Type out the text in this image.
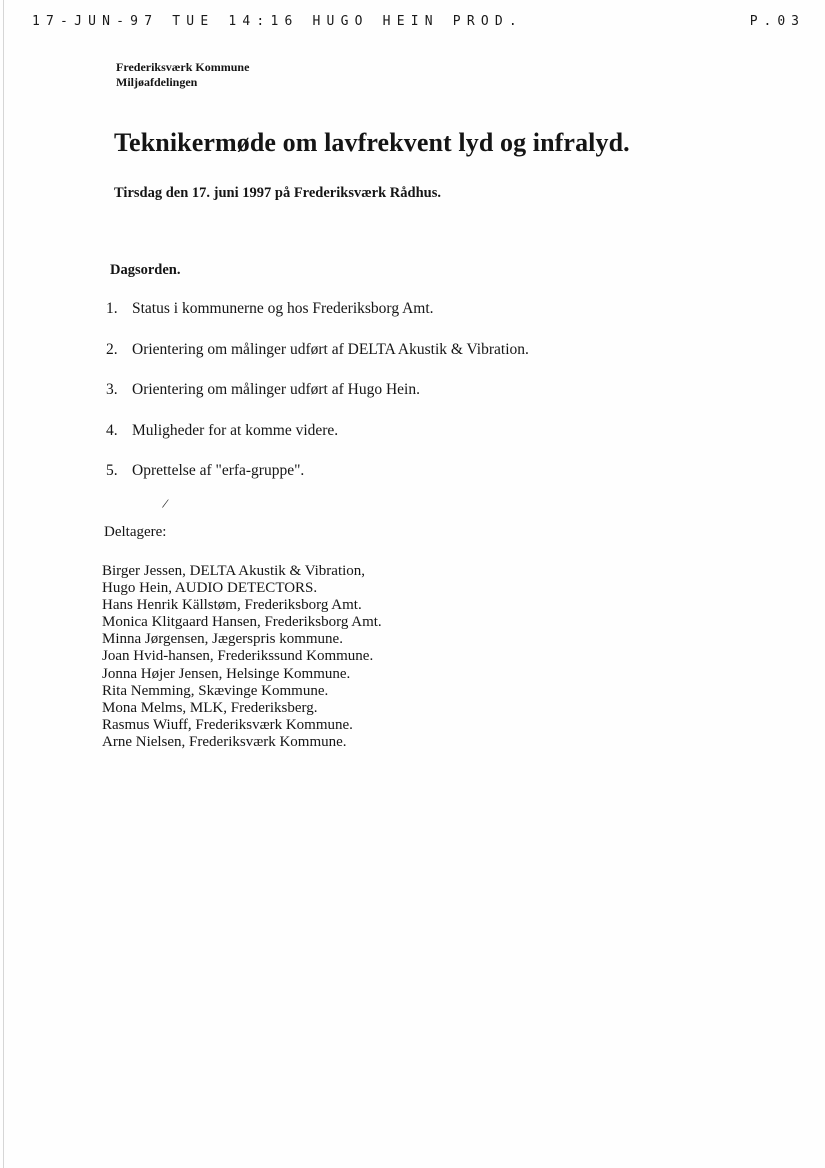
17-JUN-97 TUE 14:16 HUGO HEIN PROD.	P.03
Frederiksværk Kommune
Miljøafdelingen
Teknikermøde om lavfrekvent lyd og infralyd.
Tirsdag den 17. juni 1997 på Frederiksværk Rådhus.
Dagsorden.
1. Status i kommunerne og hos Frederiksborg Amt.
2. Orientering om målinger udført af DELTA Akustik & Vibration.
3. Orientering om målinger udført af Hugo Hein.
4. Muligheder for at komme videre.
5. Oprettelse af "erfa-gruppe".
/
Deltagere:
Birger Jessen, DELTA Akustik & Vibration,
Hugo Hein, AUDIO DETECTORS.
Hans Henrik Källstøm, Frederiksborg Amt.
Monica Klitgaard Hansen, Frederiksborg Amt.
Minna Jørgensen, Jægerspris kommune.
Joan Hvid-hansen, Frederikssund Kommune.
Jonna Højer Jensen, Helsinge Kommune.
Rita Nemming, Skævinge Kommune.
Mona Melms, MLK, Frederiksberg.
Rasmus Wiuff, Frederiksværk Kommune.
Arne Nielsen, Frederiksværk Kommune.
